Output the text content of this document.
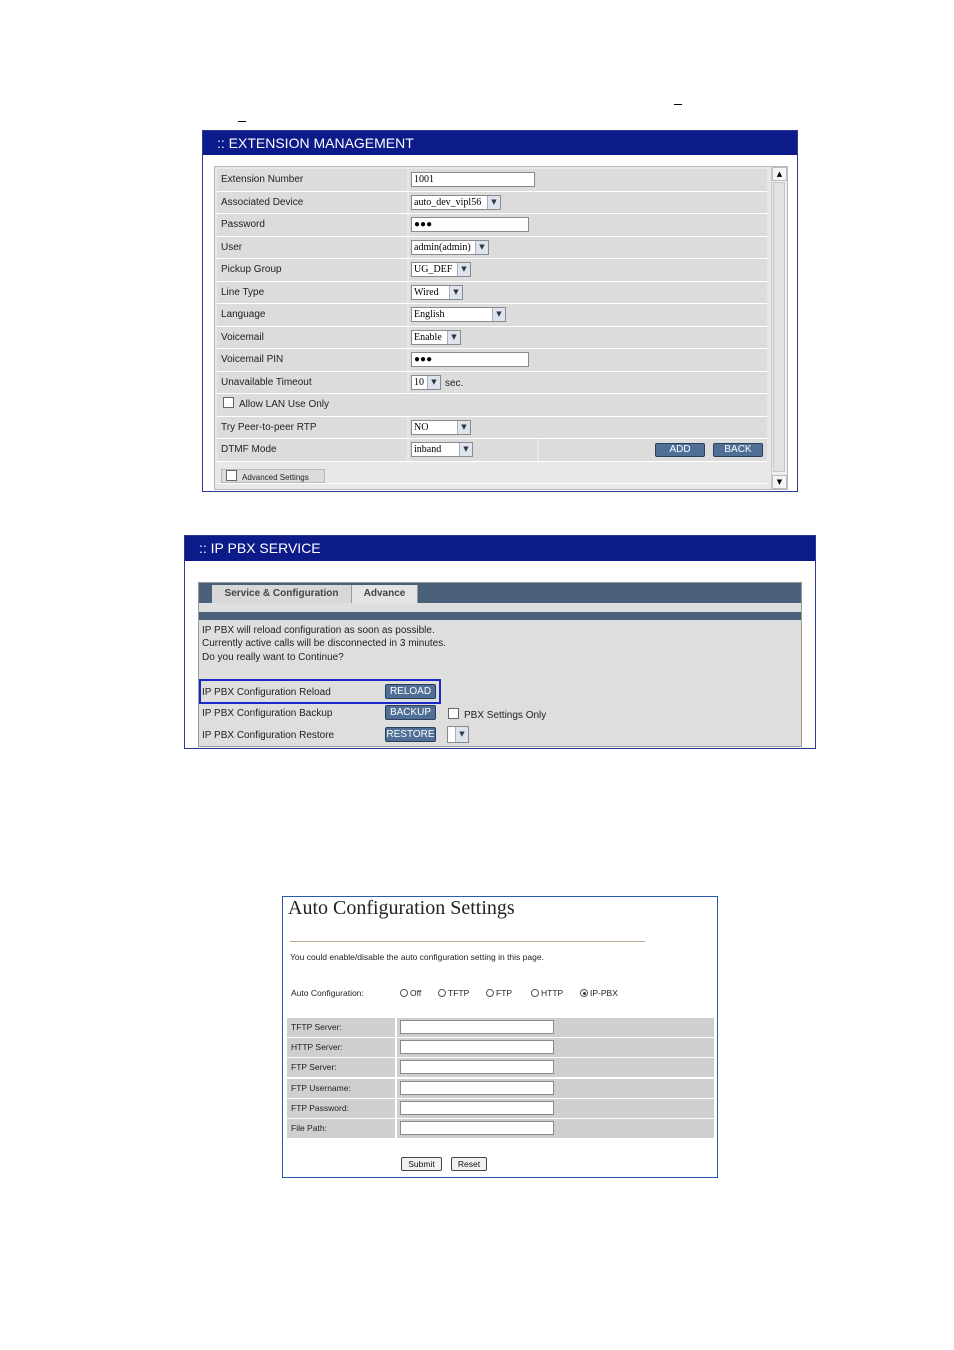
:: EXTENSION MANAGEMENT
Extension Number	1001
Associated Device	auto_dev_vipl56	▼
Password	●●●
User	admin(admin)	▼
Pickup Group	UG_DEF	▼
Line Type	Wired	▼
Language	English	▼
Voicemail	Enable	▼
Voicemail PIN	●●●
Unavailable Timeout	10	▼ sec.
Allow LAN Use Only
Try Peer-to-peer RTP	NO	▼
DTMF Mode	inband	▼	ADD	BACK
Advanced Settings
▲
▼
:: IP PBX SERVICE
Service & Configuration	Advance
IP PBX will reload configuration as soon as possible.
Currently active calls will be disconnected in 3 minutes.
Do you really want to Continue?
IP PBX Configuration Reload	RELOAD
IP PBX Configuration Backup	BACKUP	PBX Settings Only
IP PBX Configuration Restore	RESTORE	▼
Auto Configuration Settings
You could enable/disable the auto configuration setting in this page.
Auto Configuration:	Off	TFTP	FTP	HTTP	IP-PBX
TFTP Server:
HTTP Server:
FTP Server:
FTP Username:
FTP Password:
File Path:
Submit	Reset
